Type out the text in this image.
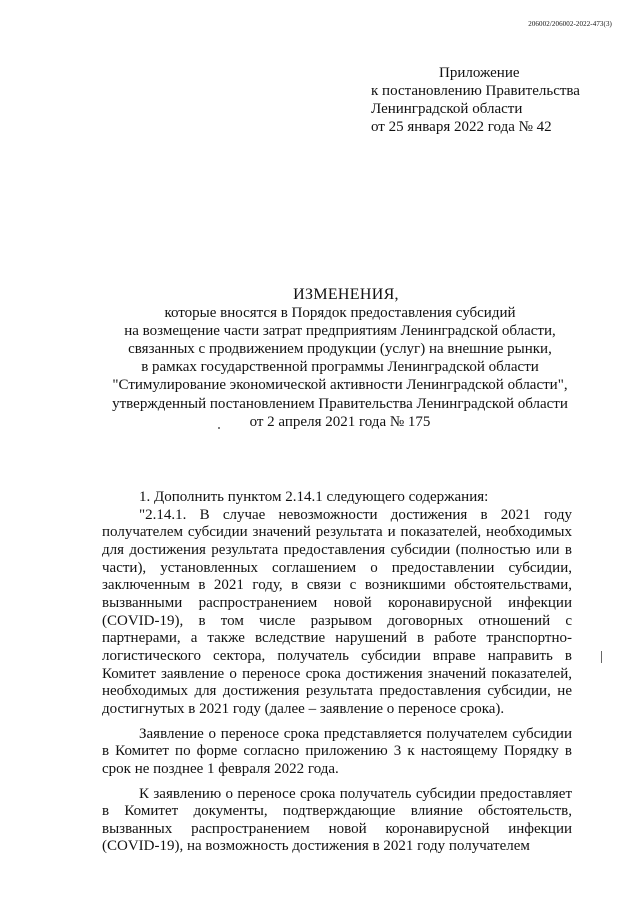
206002/206002-2022-473(3)
Приложение
к постановлению Правительства
Ленинградской области
от 25 января 2022 года № 42
ИЗМЕНЕНИЯ,
которые вносятся в Порядок предоставления субсидий
на возмещение части затрат предприятиям Ленинградской области,
связанных с продвижением продукции (услуг) на внешние рынки,
в рамках государственной программы Ленинградской области
"Стимулирование экономической активности Ленинградской области",
утвержденный постановлением Правительства Ленинградской области
от 2 апреля 2021 года № 175

1. Дополнить пунктом 2.14.1 следующего содержания:

"2.14.1. В случае невозможности достижения в 2021 году получателем субсидии значений результата и показателей, необходимых для достижения результата предоставления субсидии (полностью или в части), установленных соглашением о предоставлении субсидии, заключенным в 2021 году, в связи с возникшими обстоятельствами, вызванными распространением новой коронавирусной инфекции (COVID-19), в том числе разрывом договорных отношений с партнерами, а также вследствие нарушений в работе транспортно-логистического сектора, получатель субсидии вправе направить в Комитет заявление о переносе срока достижения значений показателей, необходимых для достижения результата предоставления субсидии, не достигнутых в 2021 году (далее – заявление о переносе срока).

Заявление о переносе срока представляется получателем субсидии в Комитет по форме согласно приложению 3 к настоящему Порядку в срок не позднее 1 февраля 2022 года.

К заявлению о переносе срока получатель субсидии предоставляет в Комитет документы, подтверждающие влияние обстоятельств, вызванных распространением новой коронавирусной инфекции (COVID-19), на возможность достижения в 2021 году получателем
